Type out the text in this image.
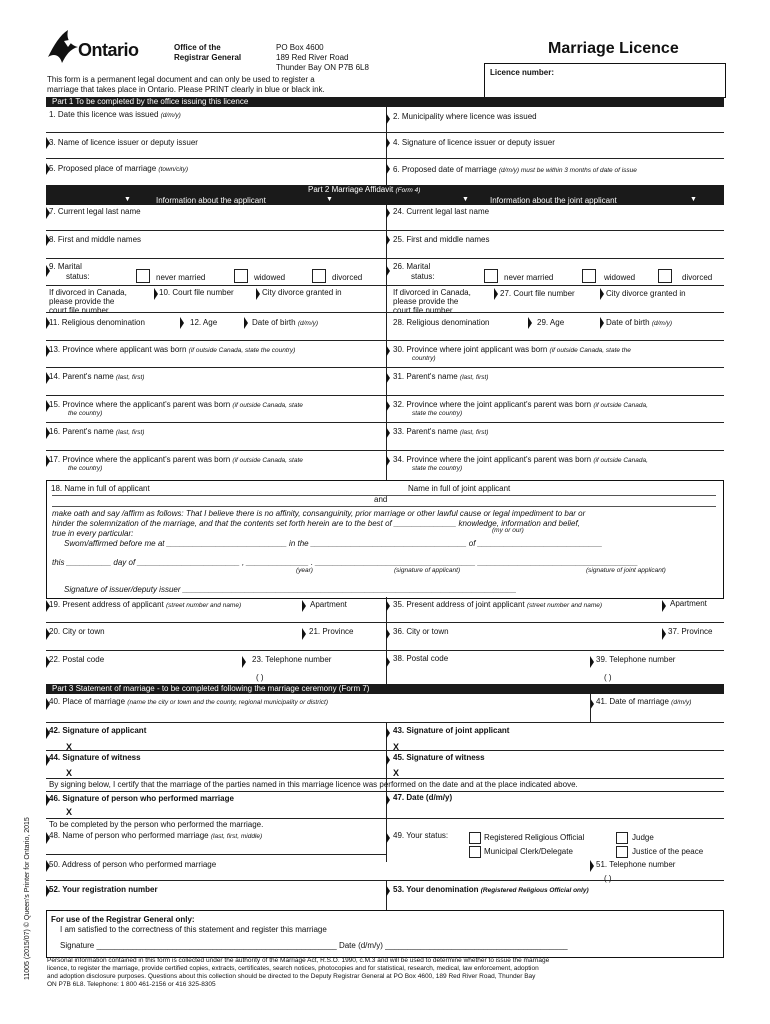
Ontario	Office of the
Registrar General
PO Box 4600
189 Red River Road
Thunder Bay ON P7B 6L8
Marriage Licence
Licence number:
This form is a permanent legal document and can only be used to register a
marriage that takes place in Ontario. Please PRINT clearly in blue or black ink.
Part 1 To be completed by the office issuing this licence
1. Date this licence was issued (d/m/y)	2. Municipality where licence was issued
3. Name of licence issuer or deputy issuer	4. Signature of licence issuer or deputy issuer
5. Proposed place of marriage (town/city)	6. Proposed date of marriage (d/m/y) must be within 3 months of date of issue
Part 2 Marriage Affidavit (Form 4)
▼	Information about the applicant	▼	▼	Information about the joint applicant	▼
7. Current legal last name	24. Current legal last name
8. First and middle names	25. First and middle names
9. Marital
status:	never married	widowed	divorced
26. Marital
status:	never married	widowed	divorced
If divorced in Canada,
please provide the
court file number.
10. Court file number	City divorce granted in	If divorced in Canada,
please provide the
court file number.
27. Court file number	City divorce granted in
11. Religious denomination	12. Age	Date of birth (d/m/y)	28. Religious denomination	29. Age	Date of birth (d/m/y)
13. Province where applicant was born (if outside Canada, state the country)	30. Province where joint applicant was born (if outside Canada, state the
country)
14. Parent's name (last, first)	31. Parent's name (last, first)
15. Province where the applicant's parent was born (if outside Canada, state
the country)
32. Province where the joint applicant's parent was born (if outside Canada,
state the country)
16. Parent's name (last, first)	33. Parent's name (last, first)
17. Province where the applicant's parent was born (if outside Canada, state
the country)
34. Province where the joint applicant's parent was born (if outside Canada,
state the country)
18. Name in full of applicant	Name in full of joint applicant
and
make oath and say /affirm as follows: That I believe there is no affinity, consanguinity, prior marriage or other lawful cause or legal impediment to bar or
hinder the solemnization of the marriage, and that the contents set forth herein are to the best of ______________ knowledge, information and belief,
(my or our)
true in every particular:
Swom/affirmed before me at ___________________________ in the ___________________________________ of ____________________________
this __________ day of _______________________ , ______________ . ____________________________________ ____________________________________
(year)	(signature of applicant)	(signature of joint applicant)
Signature of issuer/deputy issuer ___________________________________________________________________________
19. Present address of applicant (street number and name)	Apartment	35. Present address of joint applicant (street number and name)	Apartment
20. City or town	21. Province	36. City or town	37. Province
22. Postal code	23. Telephone number
( )
38. Postal code	39. Telephone number
( )
Part 3 Statement of marriage - to be completed following the marriage ceremony (Form 7)
40. Place of marriage (name the city or town and the county, regional municipality or district)	41. Date of marriage (d/m/y)
42. Signature of applicant
X
43. Signature of joint applicant
X
44. Signature of witness
X
45. Signature of witness
X
By signing below, I certify that the marriage of the parties named in this marriage licence was performed on the date and at the place indicated above.
46. Signature of person who performed marriage
X
47. Date (d/m/y)
To be completed by the person who performed the marriage.
48. Name of person who performed marriage (last, first, middle)	49. Your status:	Registered Religious Official	Judge
Municipal Clerk/Delegate	Justice of the peace
50. Address of person who performed marriage	51. Telephone number
( )
52. Your registration number	53. Your denomination (Registered Religious Official only)
For use of the Registrar General only:
I am satisfied to the correctness of this statement and register this marriage
Signature ______________________________________________________ Date (d/m/y) _________________________________________
Personal information contained in this form is collected under the authority of the Marriage Act, R.S.O. 1990, c.M.3 and will be used to determine whether to issue the marriage
licence, to register the marriage, provide certified copies, extracts, certificates, search notices, photocopies and for statistical, research, medical, law enforcement, adoption
and adoption disclosure purposes. Questions about this collection should be directed to the Deputy Registrar General at PO Box 4600, 189 Red River Road, Thunder Bay
ON P7B 6L8. Telephone: 1 800 461-2156 or 416 325-8305
11005 (2015/07) © Queen's Printer for Ontario, 2015
